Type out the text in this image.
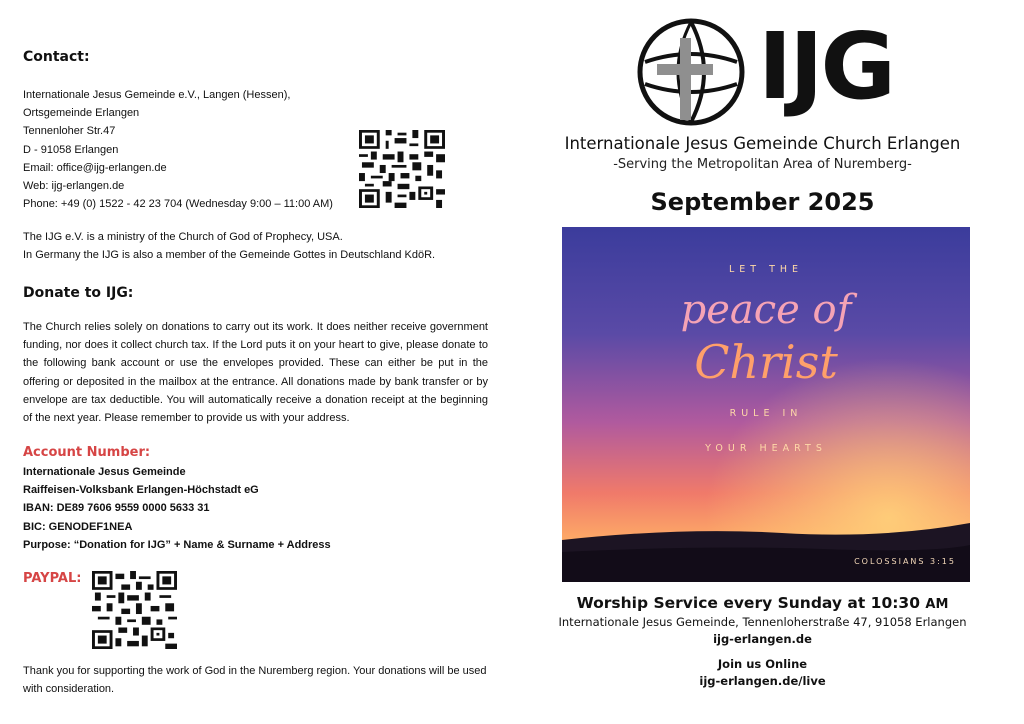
Contact:
Internationale Jesus Gemeinde e.V., Langen (Hessen),
Ortsgemeinde Erlangen
Tennenloher Str.47
D - 91058 Erlangen
Email: office@ijg-erlangen.de
Web: ijg-erlangen.de
Phone: +49 (0) 1522 - 42 23 704 (Wednesday 9:00 – 11:00 AM)
The IJG e.V. is a ministry of the Church of God of Prophecy, USA.
In Germany the IJG is also a member of the Gemeinde Gottes in Deutschland KdöR.
Donate to IJG:
The Church relies solely on donations to carry out its work. It does neither receive government funding, nor does it collect church tax. If the Lord puts it on your heart to give, please donate to the following bank account or use the envelopes provided. These can either be put in the offering or deposited in the mailbox at the entrance. All donations made by bank transfer or by envelope are tax deductible. You will automatically receive a donation receipt at the beginning of the next year. Please remember to provide us with your address.
Account Number:
Internationale Jesus Gemeinde
Raiffeisen-Volksbank Erlangen-Höchstadt eG
IBAN: DE89 7606 9559 0000 5633 31
BIC: GENODEF1NEA
Purpose: “Donation for IJG” + Name & Surname + Address
PAYPAL:
Thank you for supporting the work of God in the Nuremberg region. Your donations will be used with consideration.
IJG
Internationale Jesus Gemeinde Church Erlangen
-Serving the Metropolitan Area of Nuremberg-
September 2025
LET THE
peace of
Christ
RULE IN
YOUR HEARTS
COLOSSIANS 3:15
Worship Service every Sunday at 10:30 AM
Internationale Jesus Gemeinde, Tennenloherstraße 47, 91058 Erlangen
ijg-erlangen.de
Join us Online
ijg-erlangen.de/live
